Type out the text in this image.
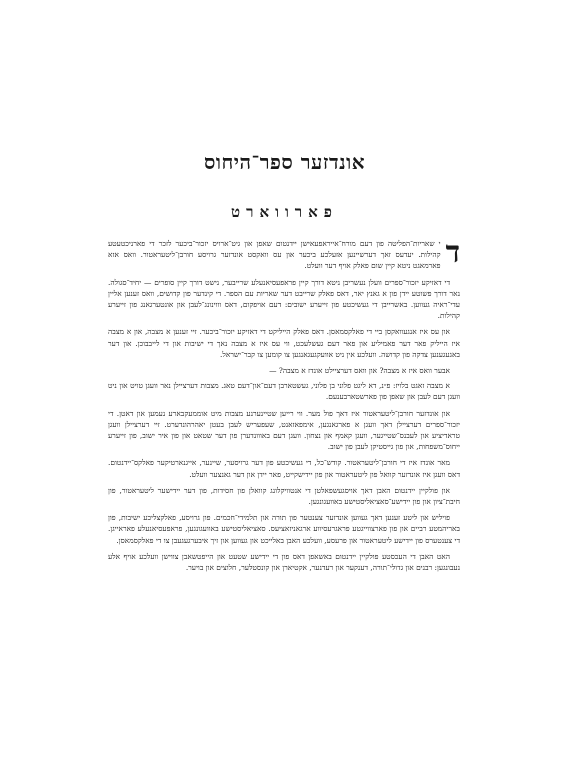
אונדזער ספר־היחוס
פארווארט

ד
י שאריות־הפליטה פון דעם מורח־אייראפעאישן יידנטום שאפן און גיט־ארויס יזכור־ביכער לזכר די פארניכטעטע קהילות. יעדעס זאך דערשיינען אזעלכע ביכער און עס וואקסט אונדזער גרויסע חורבן־ליטעראטור. וואס אזא פארמאגט ניטא קיין שום פאלק אויף דער וועלט.

די דאזיקע יזכור־ספרים וועלן נעשריבן ניטא דורך קיין פראפעסיאנעלע שרייבער, נישט דורך קיין סופרים — יחיד־סגולה. נאר דורך פשוטע יידן פון א גאנץ יאר, דאס פאלק שרייבט דער שאריות עם הספר. די קינדער פון קדושים, וואס זענען אליין עדי־ראיה געווען. באשרייבן די געשיכטע פון זייערע ישובים: דעם אויפקום, דאס וווינונג־לעבן און אונטערגאנג פון זייערע קהילות.

און עס איז אנגעוואקסן ביי די פאלקסמאסן. דאס פאלק הייליקט די דאזיקע יזכור־ביכער. זיי זענען א מצבה, און א מצבה איז הייליק פאר דער פאמיליע און פאר דעם געשלעכט, ווי עס איז א מצבה נאך די ישיבות און די לייבבוכן. און דער באגעגענען צדקה פון קדושה. וועלכע אין ניט אוועקגעגאנגען צו קומען צו קבר־ישראל.

אבער וואס איז א מצבה? און וואס דערציילט אונדז א מצבה? —

א מצבה זאגט בלויז: פ״נ, דא ליגט פלוני בן פלוני, געשטארבן דעם־און־דעם טאג. מצבות דערציילן נאר וועגן טויט און ניט וועגן דעם לעבן און שאפן פון פארשטארבענעם.

און אונדזער חורבן־ליטעראטור איז דאך פול מער. ווי רייען שטיינערנע מצבות מיט אוממעקבארע נעמען און דאטן. די יזכור־ספרים דערציילן דאך וועגן א פארגאנגען, אימפאזאנט, שעפעריש לעבן בעטן יאהרהונדערט. זיי דערציילן וועגן טראדיציע און לעבנס־שטייגער, וועגן קאמף און נצחון. וועגן דעם באווונדערן פון דער שטאט און פון איר ישוב, פון זייערע ייחוס־משפחות, און פון גייסטיקן לעבן פון ישוב.

מאר אונדז איז די חורבן־ליטעראטור. קודש־כל, די געשיכטע פון דער גרויסער, שיינער, אייגנארטיקער פאלקס־יידנטום. דאס וועגן איז אונדזער קוואל פון ליטעראטור און פון יידישקייט, פאר יידן און דער גאנצער וועלט.

און פולקיין יידנטום האבן דאך אויסגעשפאלטן די אנטוויקלונג קוואלן פון חסידות, פון דער יידישער ליטעראטור, פון חיבת־ציון און פון יידישע־סאציאליסטישע באוועגונגען.

פויליש און ליטע זענען דאך געווען אונדזער צענטער פון תורה און תלמידי־חכמים. פון גרויסע, פאלקצליכע ישיבות, פון באריהמטע רביים און פון פארצווייגטע פראגרעסיווע ארגאניזאציעס. סאציאליסטישע באוועגונגען, פראפעסיאנעלע פאראייגן. די צענטערס פון יידישע ליטעראטור און פרעסע, וועלכע האבן באלייכט און געווען און זיך איבערגעגעבן צו די פאלקסמאסן.

האט האבן די העכסטע פולקיין יידנטום באשאפן דאס פון די יידישע שטעט און הייפטשאבן צווישן וועלכע אויף אלע נעבונגען: רבנים און גדולי־תורה, דענקער און רעדנער, אקטיארן און קונסטלער, חלוצים און בויער.
